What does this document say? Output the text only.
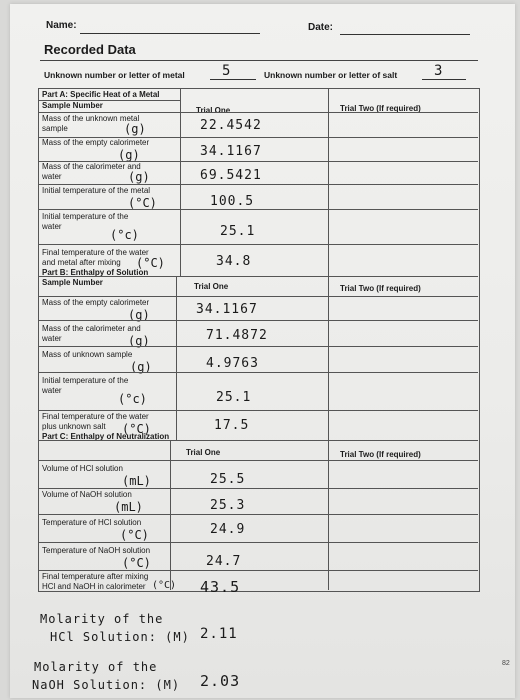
Name:	Date:
Recorded Data
Unknown number or letter of metal	5	Unknown number or letter of salt	3
Part A: Specific Heat of a Metal
Sample Number
Trial One	Trial Two (If required)
Mass of the unknown metal
sample	(g)	22.4542
Mass of the empty calorimeter
(g)	34.1167
Mass of the calorimeter and
water	(g)	69.5421
Initial temperature of the metal
(°C)	100.5
Initial temperature of the
water
(°c)	25.1
Final temperature of the water
and metal after mixing (°C)	34.8
Part B: Enthalpy of Solution
Sample Number	Trial One	Trial Two (If required)
Mass of the empty calorimeter
(g)	34.1167
Mass of the calorimeter and
water	(g)	71.4872
Mass of unknown sample
(g)	4.9763
Initial temperature of the
water
(°c)	25.1
Final temperature of the water
plus unknown salt (°C)	17.5
Part C: Enthalpy of Neutralization
Trial One	Trial Two (If required)
Volume of HCl solution
(mL)	25.5
Volume of NaOH solution
(mL)	25.3
Temperature of HCl solution
(°C)	24.9
Temperature of NaOH solution
(°C)	24.7
Final temperature after mixing
HCl and NaOH in calorimeter (°C) 43.5
Molarity of the
HCl Solution: (M) 2.11
Molarity of the
NaOH Solution: (M) 2.03
82
